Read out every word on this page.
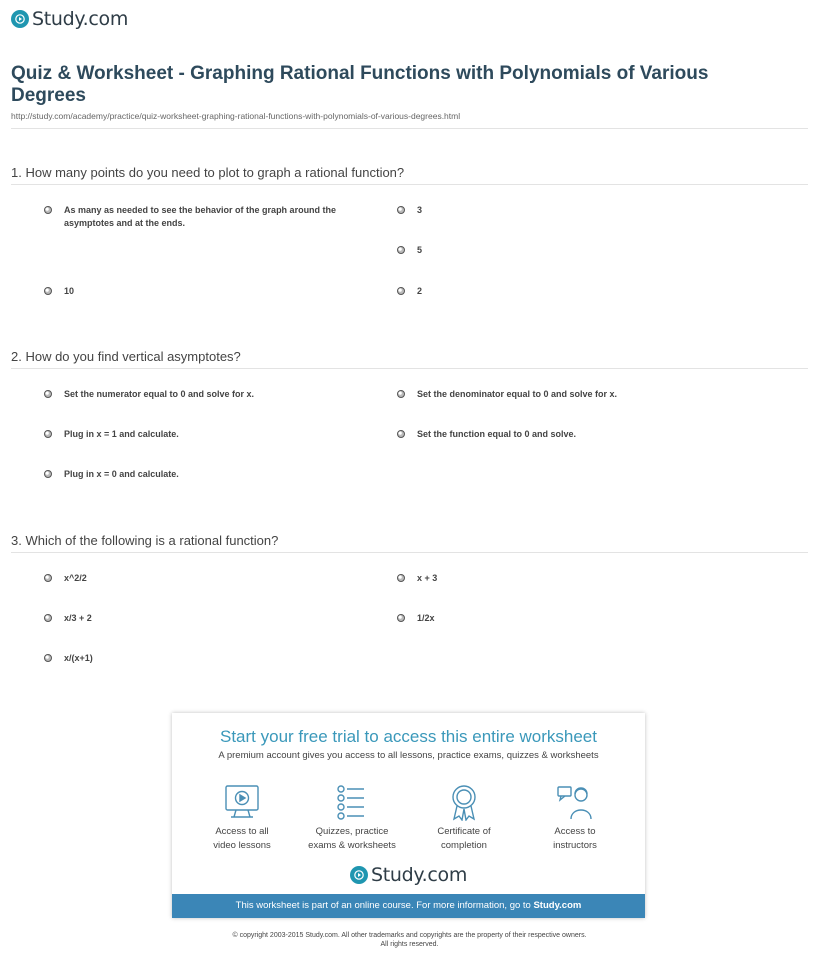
Study.com
Quiz & Worksheet - Graphing Rational Functions with Polynomials of Various Degrees
http://study.com/academy/practice/quiz-worksheet-graphing-rational-functions-with-polynomials-of-various-degrees.html
1. How many points do you need to plot to graph a rational function?
As many as needed to see the behavior of the graph around the asymptotes and at the ends.
3
5
10	2
2. How do you find vertical asymptotes?
Set the numerator equal to 0 and solve for x.	Set the denominator equal to 0 and solve for x.
Plug in x = 1 and calculate.	Set the function equal to 0 and solve.
Plug in x = 0 and calculate.
3. Which of the following is a rational function?
x^2/2	x + 3
x/3 + 2	1/2x
x/(x+1)
Start your free trial to access this entire worksheet
A premium account gives you access to all lessons, practice exams, quizzes & worksheets
Access to all
video lessons
Quizzes, practice
exams & worksheets
Certificate of
completion
Access to
instructors
Study.com
This worksheet is part of an online course. For more information, go to Study.com
© copyright 2003-2015 Study.com. All other trademarks and copyrights are the property of their respective owners.
All rights reserved.
